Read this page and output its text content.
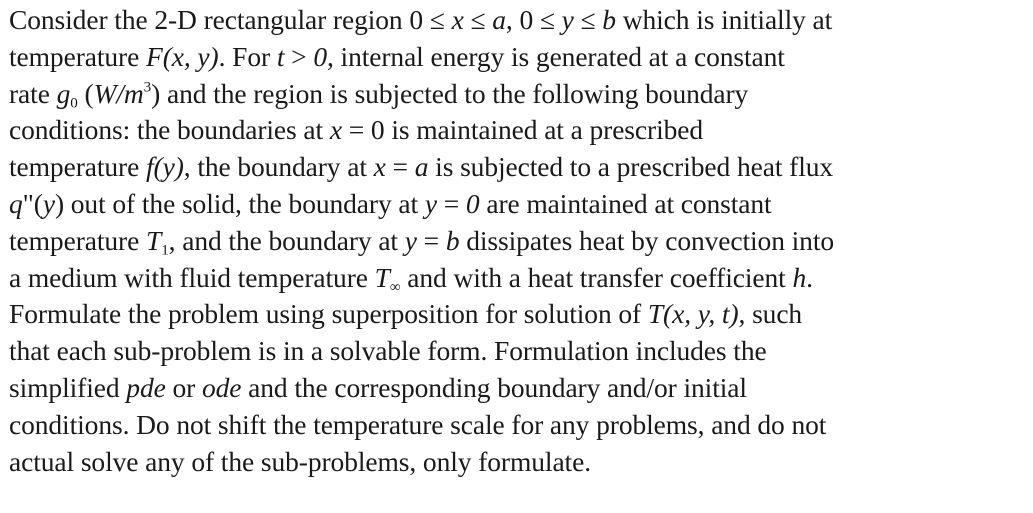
Consider the 2-D rectangular region 0 ≤ x ≤ a, 0 ≤ y ≤ b which is initially at
temperature F(x, y). For t > 0, internal energy is generated at a constant
rate $g_0$ $(W/m^3)$ and the region is subjected to the following boundary
conditions: the boundaries at x = 0 is maintained at a prescribed
temperature f(y), the boundary at x = a is subjected to a prescribed heat flux
q"(y) out of the solid, the boundary at y = 0 are maintained at constant
temperature $T_1$, and the boundary at y = b dissipates heat by convection into
a medium with fluid temperature $T_\infty$ and with a heat transfer coefficient h.
Formulate the problem using superposition for solution of T(x, y, t), such
that each sub-problem is in a solvable form. Formulation includes the
simplified pde or ode and the corresponding boundary and/or initial
conditions. Do not shift the temperature scale for any problems, and do not
actual solve any of the sub-problems, only formulate.
